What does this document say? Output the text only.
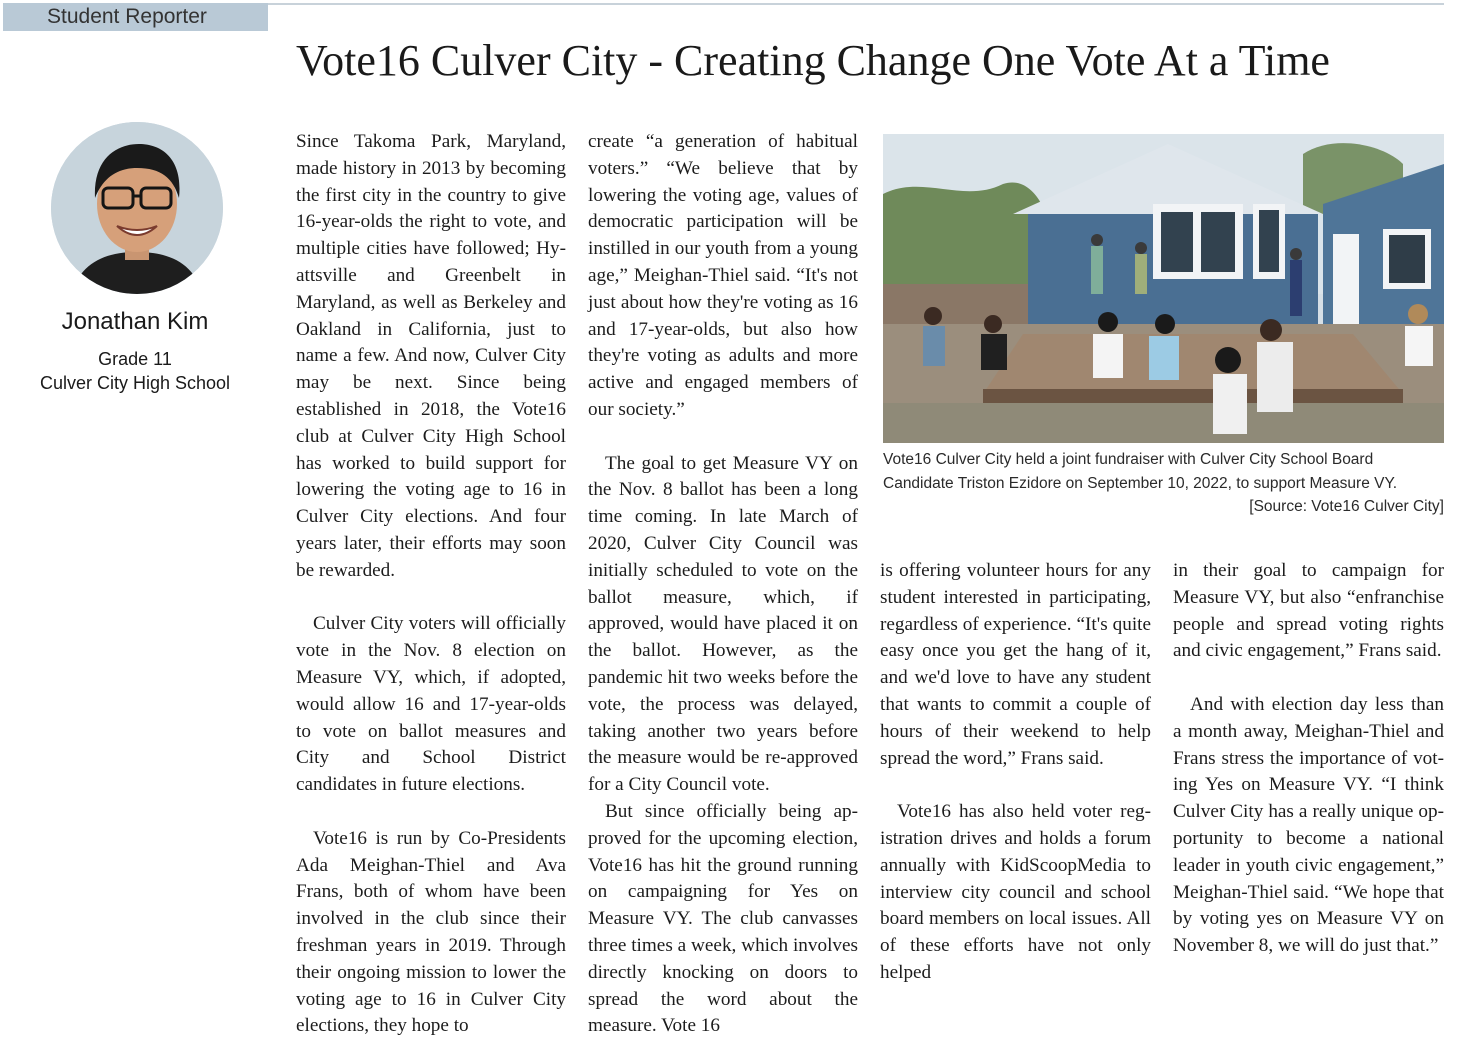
Student Reporter
Vote16 Culver City - Creating Change One Vote At a Time
Jonathan Kim
Grade 11
Culver City High School

Since Takoma Park, Maryland, made history in 2013 by becoming the first city in the country to give 16-year-olds the right to vote, and multiple cities have followed; Hyattsville and Greenbelt in Maryland, as well as Berkeley and Oakland in California, just to name a few. And now, Culver City may be next. Since being established in 2018, the Vote16 club at Culver City High School has worked to build support for lowering the voting age to 16 in Culver City elections. And four years later, their efforts may soon be rewarded.

Culver City voters will officially vote in the Nov. 8 election on Measure VY, which, if adopted, would allow 16 and 17-year-olds to vote on ballot measures and City and School District candidates in future elections.

Vote16 is run by Co-Presidents Ada Meighan-Thiel and Ava Frans, both of whom have been involved in the club since their freshman years in 2019. Through their ongoing mission to lower the voting age to 16 in Culver City elections, they hope to

create “a generation of habitual voters.” “We believe that by lowering the voting age, values of democratic participation will be instilled in our youth from a young age,” Meighan-Thiel said. “It's not just about how they're voting as 16 and 17-year-olds, but also how they're voting as adults and more active and engaged members of our society.”

The goal to get Measure VY on the Nov. 8 ballot has been a long time coming. In late March of 2020, Culver City Council was initially scheduled to vote on the ballot measure, which, if approved, would have placed it on the ballot. However, as the pandemic hit two weeks before the vote, the process was delayed, taking another two years before the measure would be re-approved for a City Council vote.

But since officially being approved for the upcoming election, Vote16 has hit the ground running on campaigning for Yes on Measure VY. The club canvasses three times a week, which involves directly knocking on doors to spread the word about the measure. Vote 16

Vote16 Culver City held a joint fundraiser with Culver City School Board Candidate Triston Ezidore on September 10, 2022, to support Measure VY.
[Source: Vote16 Culver City]

is offering volunteer hours for any student interested in participating, regardless of experience. “It's quite easy once you get the hang of it, and we'd love to have any student that wants to commit a couple of hours of their weekend to help spread the word,” Frans said.

Vote16 has also held voter registration drives and holds a forum annually with KidScoopMedia to interview city council and school board members on local issues. All of these efforts have not only helped

in their goal to campaign for Measure VY, but also “enfranchise people and spread voting rights and civic engagement,” Frans said.

And with election day less than a month away, Meighan-Thiel and Frans stress the importance of voting Yes on Measure VY. “I think Culver City has a really unique opportunity to become a national leader in youth civic engagement,” Meighan-Thiel said. “We hope that by voting yes on Measure VY on November 8, we will do just that.”
